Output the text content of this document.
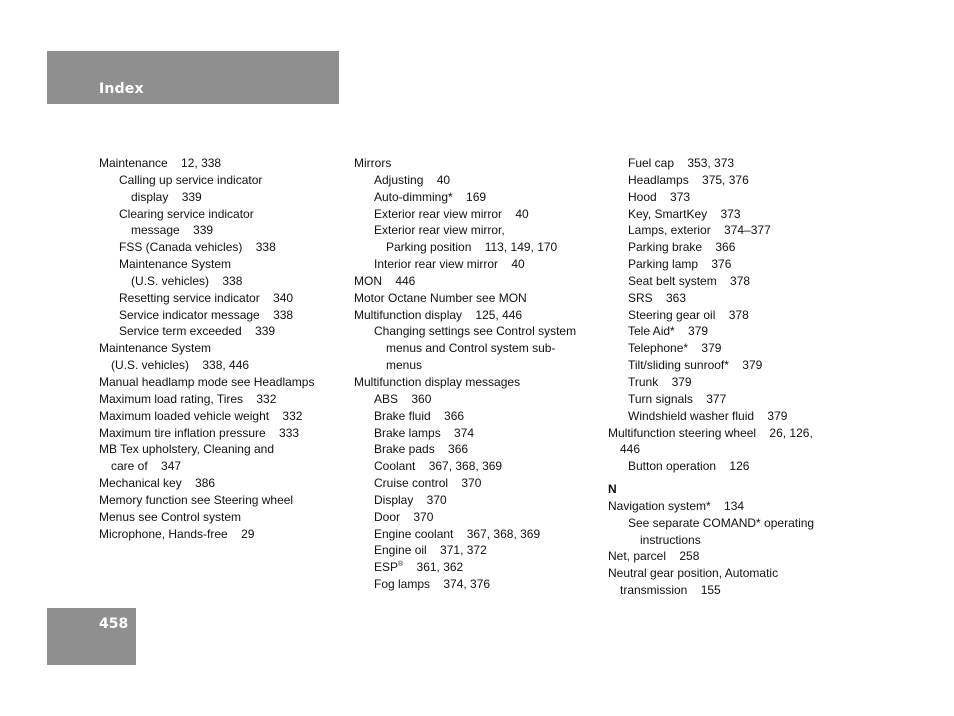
Index
Maintenance    12, 338
Calling up service indicator
display    339
Clearing service indicator
message    339
FSS (Canada vehicles)    338
Maintenance System
(U.S. vehicles)    338
Resetting service indicator    340
Service indicator message    338
Service term exceeded    339
Maintenance System
(U.S. vehicles)    338, 446
Manual headlamp mode see Headlamps
Maximum load rating, Tires    332
Maximum loaded vehicle weight    332
Maximum tire inflation pressure    333
MB Tex upholstery, Cleaning and
care of    347
Mechanical key    386
Memory function see Steering wheel
Menus see Control system
Microphone, Hands-free    29
Mirrors
Adjusting    40
Auto-dimming*    169
Exterior rear view mirror    40
Exterior rear view mirror,
Parking position    113, 149, 170
Interior rear view mirror    40
MON    446
Motor Octane Number see MON
Multifunction display    125, 446
Changing settings see Control system
menus and Control system sub-
menus
Multifunction display messages
ABS    360
Brake fluid    366
Brake lamps    374
Brake pads    366
Coolant    367, 368, 369
Cruise control    370
Display    370
Door    370
Engine coolant    367, 368, 369
Engine oil    371, 372
ESP®    361, 362
Fog lamps    374, 376
Fuel cap    353, 373
Headlamps    375, 376
Hood    373
Key, SmartKey    373
Lamps, exterior    374–377
Parking brake    366
Parking lamp    376
Seat belt system    378
SRS    363
Steering gear oil    378
Tele Aid*    379
Telephone*    379
Tilt/sliding sunroof*    379
Trunk    379
Turn signals    377
Windshield washer fluid    379
Multifunction steering wheel    26, 126,
446
Button operation    126
N
Navigation system*    134
See separate COMAND* operating
instructions
Net, parcel    258
Neutral gear position, Automatic
transmission    155
458
